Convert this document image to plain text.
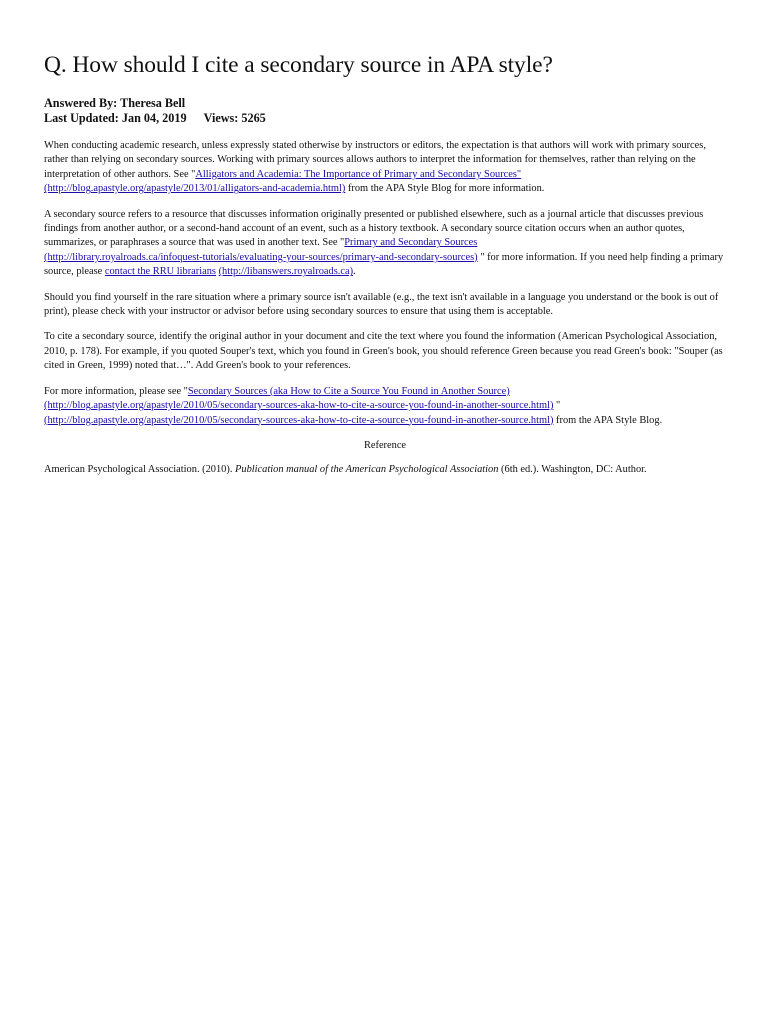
Q. How should I cite a secondary source in APA style?
Answered By: Theresa Bell
Last Updated: Jan 04, 2019 Views: 5265

When conducting academic research, unless expressly stated otherwise by instructors or editors, the expectation is that authors will work with primary sources, rather than relying on secondary sources. Working with primary sources allows authors to interpret the information for themselves, rather than relying on the interpretation of other authors. See "Alligators and Academia: The Importance of Primary and Secondary Sources"
(http://blog.apastyle.org/apastyle/2013/01/alligators-and-academia.html) from the APA Style Blog for more information.

A secondary source refers to a resource that discusses information originally presented or published elsewhere, such as a journal article that discusses previous findings from another author, or a second-hand account of an event, such as a history textbook. A secondary source citation occurs when an author quotes, summarizes, or paraphrases a source that was used in another text. See "Primary and Secondary Sources
(http://library.royalroads.ca/infoquest-tutorials/evaluating-your-sources/primary-and-secondary-sources) " for more information. If you need help finding a primary source, please contact the RRU librarians (http://libanswers.royalroads.ca).

Should you find yourself in the rare situation where a primary source isn't available (e.g., the text isn't available in a language you understand or the book is out of print), please check with your instructor or advisor before using secondary sources to ensure that using them is acceptable.

To cite a secondary source, identify the original author in your document and cite the text where you found the information (American Psychological Association, 2010, p. 178). For example, if you quoted Souper's text, which you found in Green's book, you should reference Green because you read Green's book: "Souper (as cited in Green, 1999) noted that…". Add Green's book to your references.

For more information, please see "Secondary Sources (aka How to Cite a Source You Found in Another Source)
(http://blog.apastyle.org/apastyle/2010/05/secondary-sources-aka-how-to-cite-a-source-you-found-in-another-source.html) "
(http://blog.apastyle.org/apastyle/2010/05/secondary-sources-aka-how-to-cite-a-source-you-found-in-another-source.html) from the APA Style Blog.

Reference

American Psychological Association. (2010). Publication manual of the American Psychological Association (6th ed.). Washington, DC: Author.
